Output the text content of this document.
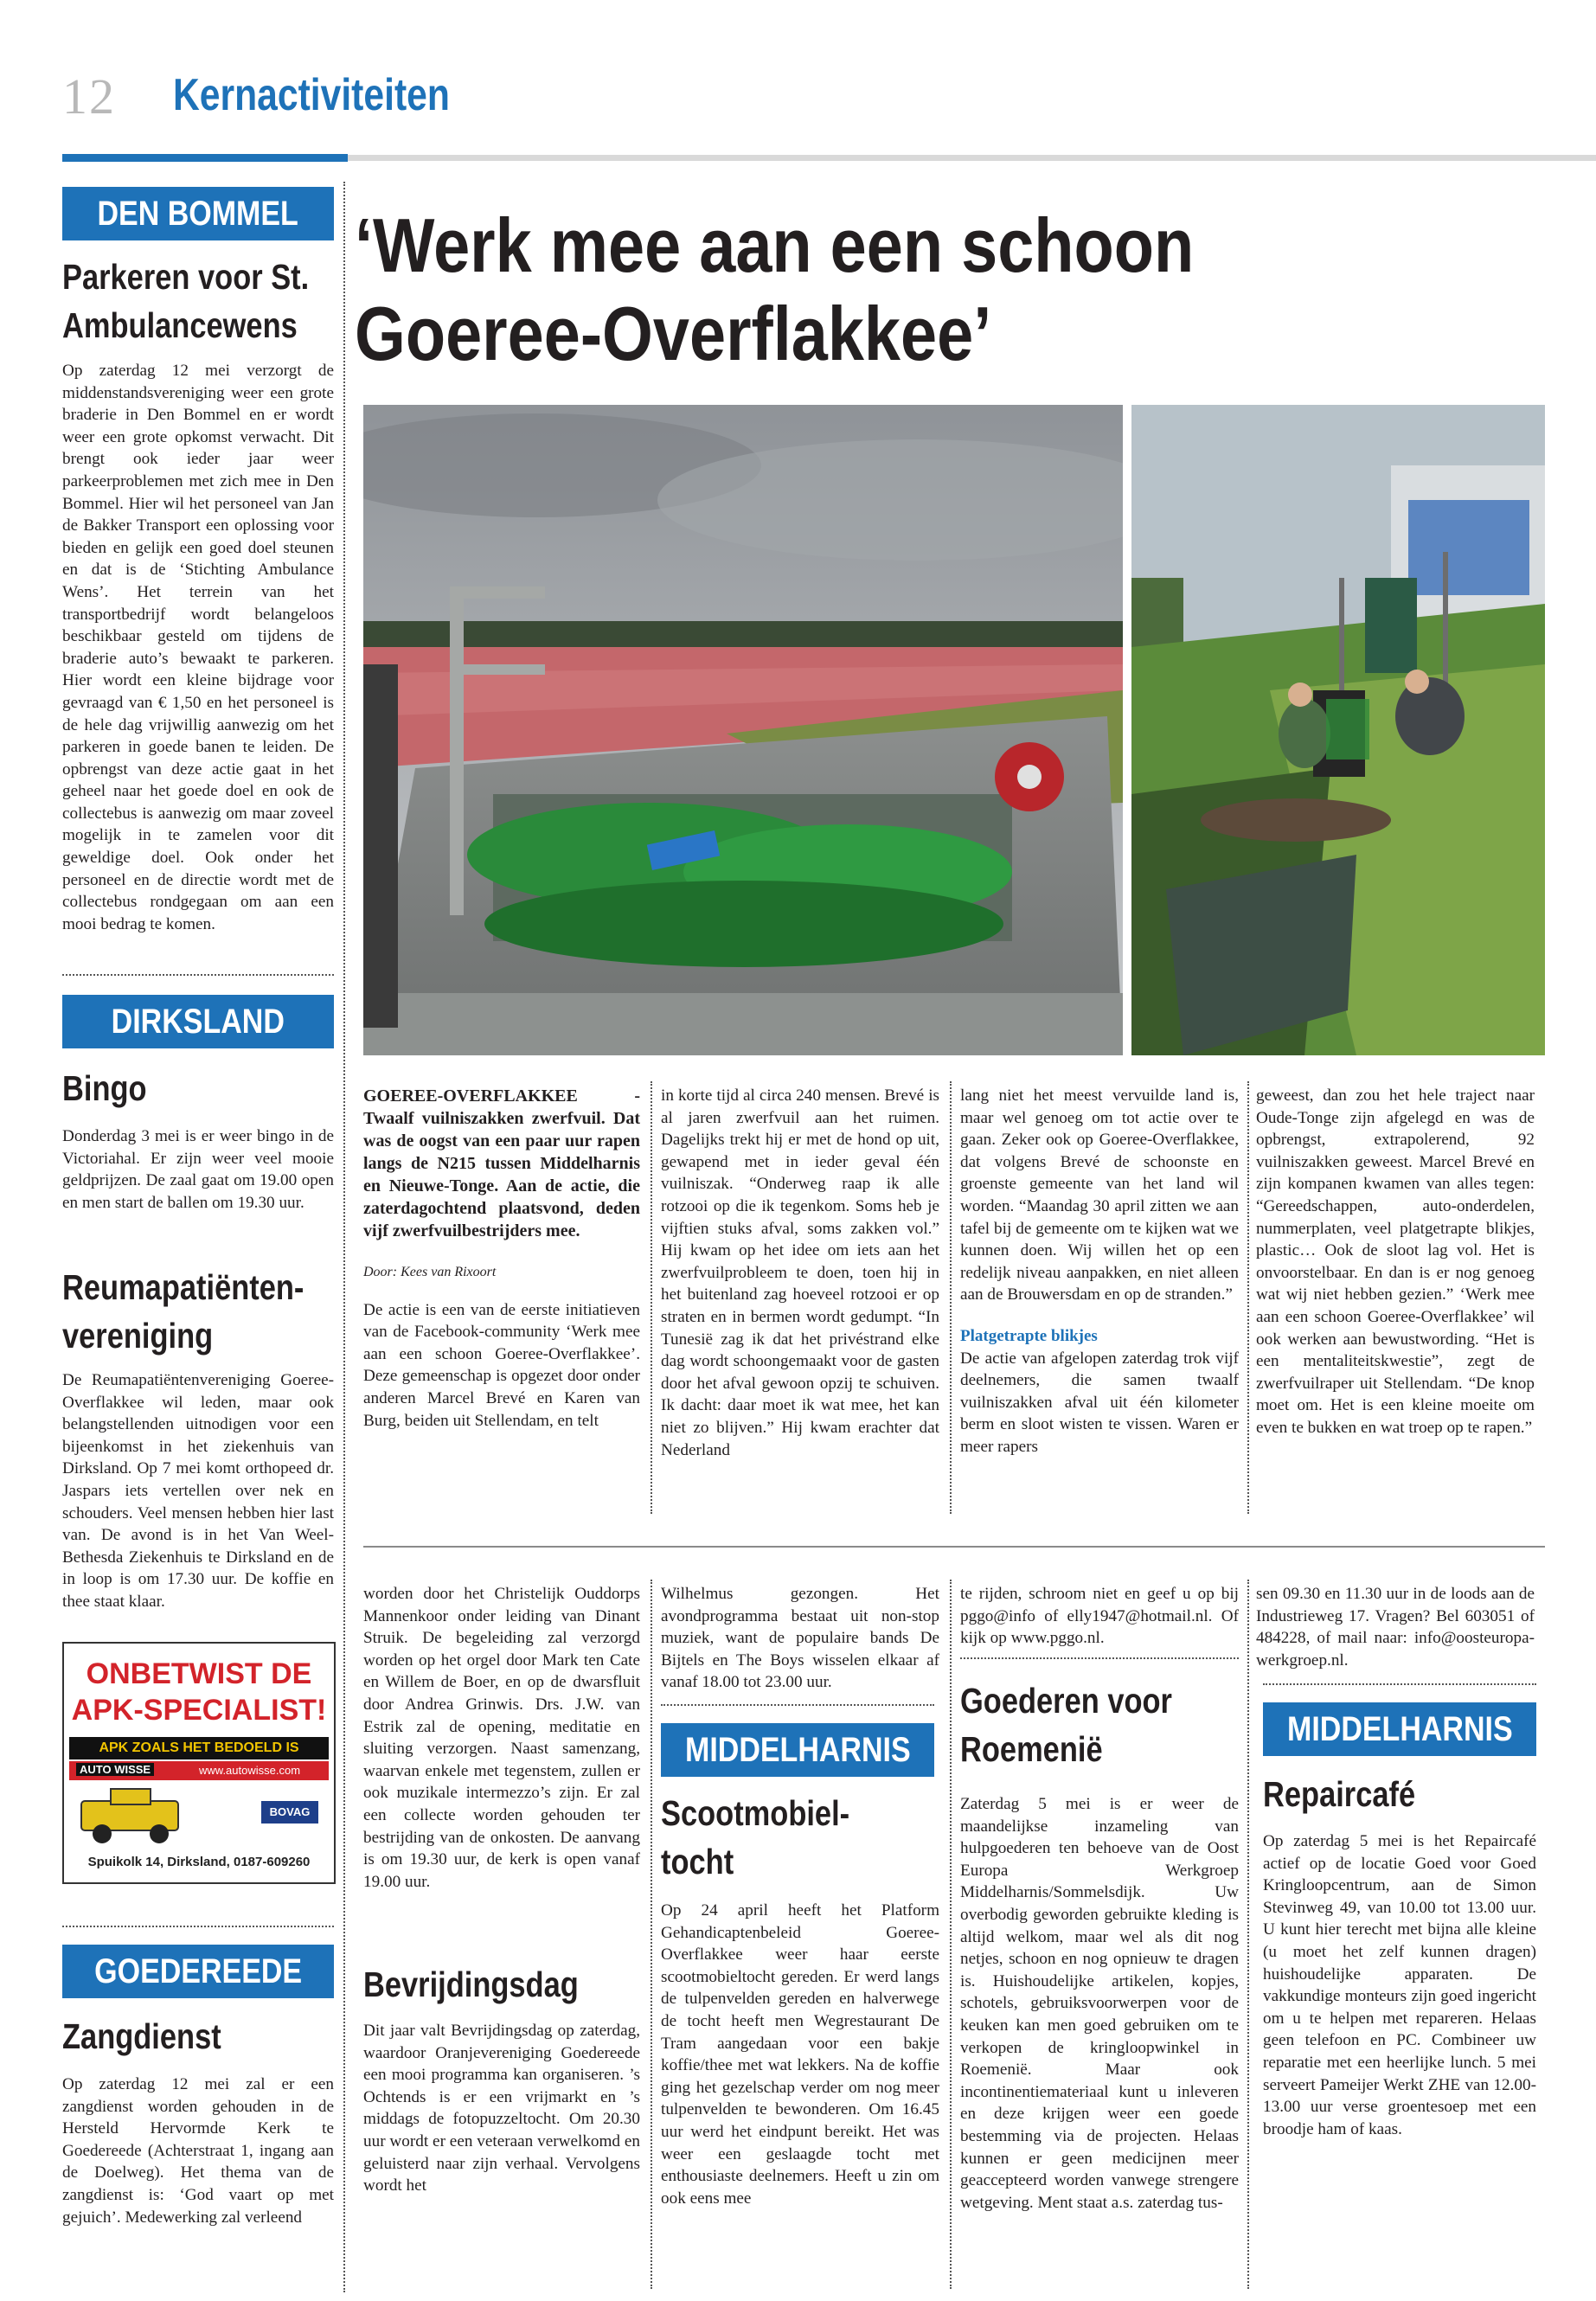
12 Kernactiviteiten
DEN BOMMEL
Parkeren voor St.
Ambulancewens
Op zaterdag 12 mei verzorgt de middenstandsvereniging weer een grote braderie in Den Bommel en er wordt weer een grote opkomst verwacht. Dit brengt ook ieder jaar weer parkeerproblemen met zich mee in Den Bommel. Hier wil het personeel van Jan de Bakker Transport een oplossing voor bieden en gelijk een goed doel steunen en dat is de ‘Stichting Ambulance Wens’. Het terrein van het transportbedrijf wordt belangeloos beschikbaar gesteld om tijdens de braderie auto’s bewaakt te parkeren. Hier wordt een kleine bijdrage voor gevraagd van € 1,50 en het personeel is de hele dag vrijwillig aanwezig om het parkeren in goede banen te leiden. De opbrengst van deze actie gaat in het geheel naar het goede doel en ook de collectebus is aanwezig om maar zoveel mogelijk in te zamelen voor dit geweldige doel. Ook onder het personeel en de directie wordt met de collectebus rondgegaan om aan een mooi bedrag te komen.
DIRKSLAND
Bingo
Donderdag 3 mei is er weer bingo in de Victoriahal. Er zijn weer veel mooie geldprijzen. De zaal gaat om 19.00 open en men start de ballen om 19.30 uur.
Reumapatiënten-
vereniging
De Reumapatiëntenvereniging Goeree-Overflakkee wil leden, maar ook belangstellenden uitnodigen voor een bijeenkomst in het ziekenhuis van Dirksland. Op 7 mei komt orthopeed dr. Jaspars iets vertellen over nek en schouders. Veel mensen hebben hier last van. De avond is in het Van Weel-Bethesda Ziekenhuis te Dirksland en de in loop is om 17.30 uur. De koffie en thee staat klaar.
ONBETWIST DE
APK-SPECIALIST!
APK ZOALS HET BEDOELD IS
AUTO WISSE	www.autowisse.com
BOVAG
Spuikolk 14, Dirksland, 0187-609260
GOEDEREEDE
Zangdienst
Op zaterdag 12 mei zal er een zangdienst worden gehouden in de Hersteld Hervormde Kerk te Goedereede (Achterstraat 1, ingang aan de Doelweg). Het thema van de zangdienst is: ‘God vaart op met gejuich’. Medewerking zal verleend
‘Werk mee aan een schoon
Goeree-Overflakkee’
GOEREE-OVERFLAKKEE - Twaalf vuilniszakken zwerfvuil. Dat was de oogst van een paar uur rapen langs de N215 tussen Middelharnis en Nieuwe-Tonge. Aan de actie, die zaterdagochtend plaatsvond, deden vijf zwerfvuilbestrijders mee.
Door: Kees van Rixoort
De actie is een van de eerste initiatieven van de Facebook-community ‘Werk mee aan een schoon Goeree-Overflakkee’. Deze gemeenschap is opgezet door onder anderen Marcel Brevé en Karen van Burg, beiden uit Stellendam, en telt
in korte tijd al circa 240 mensen. Brevé is al jaren zwerfvuil aan het ruimen. Dagelijks trekt hij er met de hond op uit, gewapend met in ieder geval één vuilniszak. “Onderweg raap ik alle rotzooi op die ik tegenkom. Soms heb je vijftien stuks afval, soms zakken vol.” Hij kwam op het idee om iets aan het zwerfvuilprobleem te doen, toen hij in het buitenland zag hoeveel rotzooi er op straten en in bermen wordt gedumpt. “In Tunesië zag ik dat het privéstrand elke dag wordt schoongemaakt voor de gasten door het afval gewoon opzij te schuiven. Ik dacht: daar moet ik wat mee, het kan niet zo blijven.” Hij kwam erachter dat Nederland
lang niet het meest vervuilde land is, maar wel genoeg om tot actie over te gaan. Zeker ook op Goeree-Overflakkee, dat volgens Brevé de schoonste en groenste gemeente van het land wil worden. “Maandag 30 april zitten we aan tafel bij de gemeente om te kijken wat we kunnen doen. Wij willen het op een redelijk niveau aanpakken, en niet alleen aan de Brouwersdam en op de stranden.”
Platgetrapte blikjes
De actie van afgelopen zaterdag trok vijf deelnemers, die samen twaalf vuilniszakken afval uit één kilometer berm en sloot wisten te vissen. Waren er meer rapers
geweest, dan zou het hele traject naar Oude-Tonge zijn afgelegd en was de opbrengst, extrapolerend, 92 vuilniszakken geweest. Marcel Brevé en zijn kompanen kwamen van alles tegen: “Gereedschappen, auto-onderdelen, nummerplaten, veel platgetrapte blikjes, plastic… Ook de sloot lag vol. Het is onvoorstelbaar. En dan is er nog genoeg wat wij niet hebben gezien.” ‘Werk mee aan een schoon Goeree-Overflakkee’ wil ook werken aan bewustwording. “Het is een mentaliteitskwestie”, zegt de zwerfvuilraper uit Stellendam. “De knop moet om. Het is een kleine moeite om even te bukken en wat troep op te rapen.”
worden door het Christelijk Ouddorps Mannenkoor onder leiding van Dinant Struik. De begeleiding zal verzorgd worden op het orgel door Mark ten Cate en Willem de Boer, en op de dwarsfluit door Andrea Grinwis. Drs. J.W. van Estrik zal de opening, meditatie en sluiting verzorgen. Naast samenzang, waarvan enkele met tegenstem, zullen er ook muzikale intermezzo’s zijn. Er zal een collecte worden gehouden ter bestrijding van de onkosten. De aanvang is om 19.30 uur, de kerk is open vanaf 19.00 uur.
Bevrijdingsdag
Dit jaar valt Bevrijdingsdag op zaterdag, waardoor Oranjevereniging Goedereede een mooi programma kan organiseren. ’s Ochtends is er een vrijmarkt en ’s middags de fotopuzzeltocht. Om 20.30 uur wordt er een veteraan verwelkomd en geluisterd naar zijn verhaal. Vervolgens wordt het
Wilhelmus gezongen. Het avondprogramma bestaat uit non-stop muziek, want de populaire bands De Bijtels en The Boys wisselen elkaar af vanaf 18.00 tot 23.00 uur.
MIDDELHARNIS
Scootmobiel-
tocht
Op 24 april heeft het Platform Gehandicaptenbeleid Goeree-Overflakkee weer haar eerste scootmobieltocht gereden. Er werd langs de tulpenvelden gereden en halverwege de tocht heeft men Wegrestaurant De Tram aangedaan voor een bakje koffie/thee met wat lekkers. Na de koffie ging het gezelschap verder om nog meer tulpenvelden te bewonderen. Om 16.45 uur werd het eindpunt bereikt. Het was weer een geslaagde tocht met enthousiaste deelnemers. Heeft u zin om ook eens mee
te rijden, schroom niet en geef u op bij pggo@info of elly1947@hotmail.nl. Of kijk op www.pggo.nl.
Goederen voor
Roemenië
Zaterdag 5 mei is er weer de maandelijkse inzameling van hulpgoederen ten behoeve van de Oost Europa Werkgroep Middelharnis/Sommelsdijk. Uw overbodig geworden gebruikte kleding is altijd welkom, maar wel als dit nog netjes, schoon en nog opnieuw te dragen is. Huishoudelijke artikelen, kopjes, schotels, gebruiksvoorwerpen voor de keuken kan men goed gebruiken om te verkopen de kringloopwinkel in Roemenië. Maar ook incontinentiemateriaal kunt u inleveren en deze krijgen weer een goede bestemming via de projecten. Helaas kunnen er geen medicijnen meer geaccepteerd worden vanwege strengere wetgeving. Ment staat a.s. zaterdag tus-
sen 09.30 en 11.30 uur in de loods aan de Industrieweg 17. Vragen? Bel 603051 of 484228, of mail naar: info@oosteuropa-werkgroep.nl.
MIDDELHARNIS
Repaircafé
Op zaterdag 5 mei is het Repaircafé actief op de locatie Goed voor Goed Kringloopcentrum, aan de Simon Stevinweg 49, van 10.00 tot 13.00 uur. U kunt hier terecht met bijna alle kleine (u moet het zelf kunnen dragen) huishoudelijke apparaten. De vakkundige monteurs zijn goed ingericht om u te helpen met repareren. Helaas geen telefoon en PC. Combineer uw reparatie met een heerlijke lunch. 5 mei serveert Pameijer Werkt ZHE van 12.00-13.00 uur verse groentesoep met een broodje ham of kaas.
